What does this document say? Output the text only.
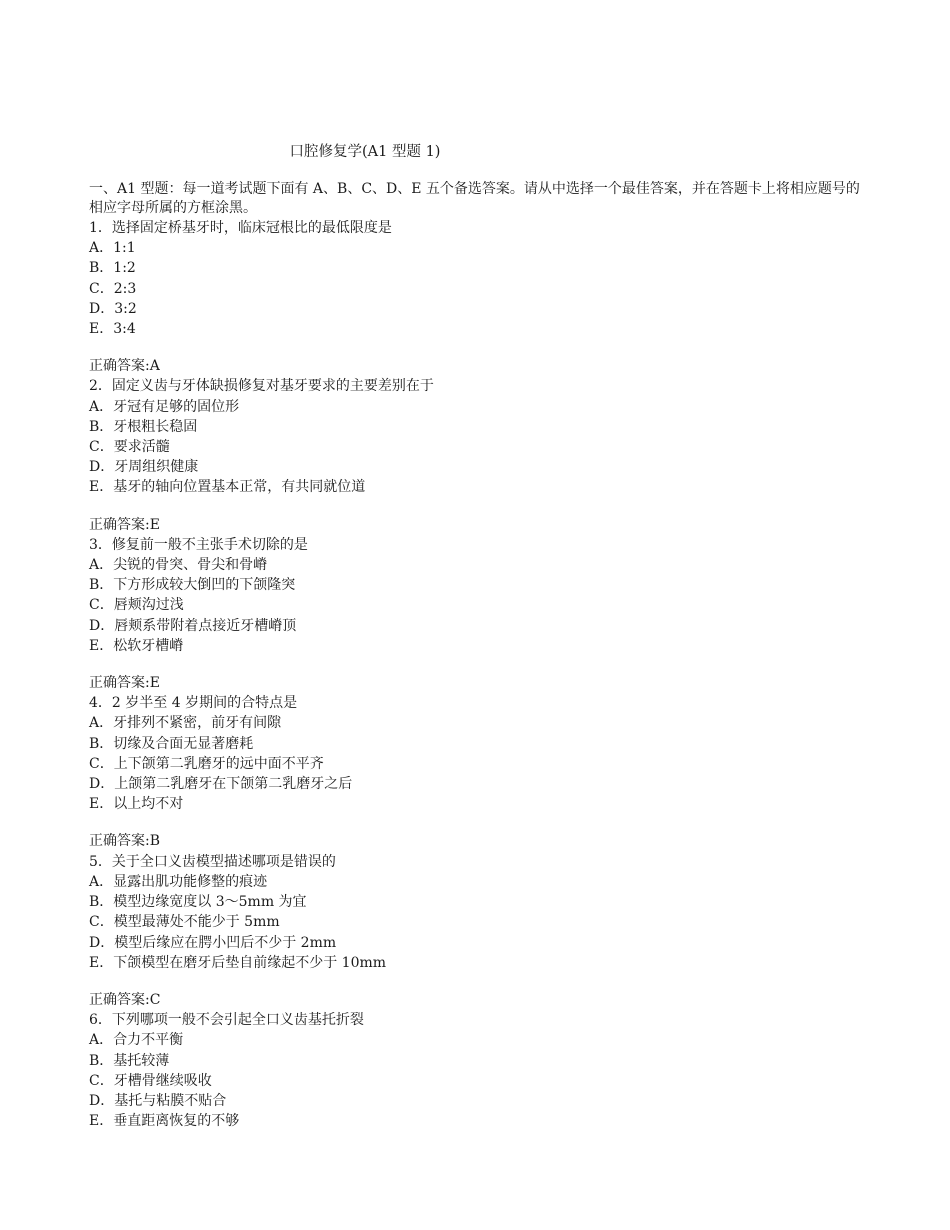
口腔修复学(A1 型题 1)

一、A1 型题：每一道考试题下面有 A、B、C、D、E 五个备选答案。请从中选择一个最佳答案，并在答题卡上将相应题号的相应字母所属的方框涂黑。

1．选择固定桥基牙时，临床冠根比的最低限度是
A．1:1
B．1:2
C．2:3
D．3:2
E．3:4
正确答案:A
2．固定义齿与牙体缺损修复对基牙要求的主要差别在于
A．牙冠有足够的固位形
B．牙根粗长稳固
C．要求活髓
D．牙周组织健康
E．基牙的轴向位置基本正常，有共同就位道
正确答案:E
3．修复前一般不主张手术切除的是
A．尖锐的骨突、骨尖和骨嵴
B．下方形成较大倒凹的下颌隆突
C．唇颊沟过浅
D．唇颊系带附着点接近牙槽嵴顶
E．松软牙槽嵴
正确答案:E
4．2 岁半至 4 岁期间的合特点是
A．牙排列不紧密，前牙有间隙
B．切缘及合面无显著磨耗
C．上下颌第二乳磨牙的远中面不平齐
D．上颌第二乳磨牙在下颌第二乳磨牙之后
E．以上均不对
正确答案:B
5．关于全口义齿模型描述哪项是错误的
A．显露出肌功能修整的痕迹
B．模型边缘宽度以 3～5mm 为宜
C．模型最薄处不能少于 5mm
D．模型后缘应在腭小凹后不少于 2mm
E．下颌模型在磨牙后垫自前缘起不少于 10mm
正确答案:C
6．下列哪项一般不会引起全口义齿基托折裂
A．合力不平衡
B．基托较薄
C．牙槽骨继续吸收
D．基托与粘膜不贴合
E．垂直距离恢复的不够
